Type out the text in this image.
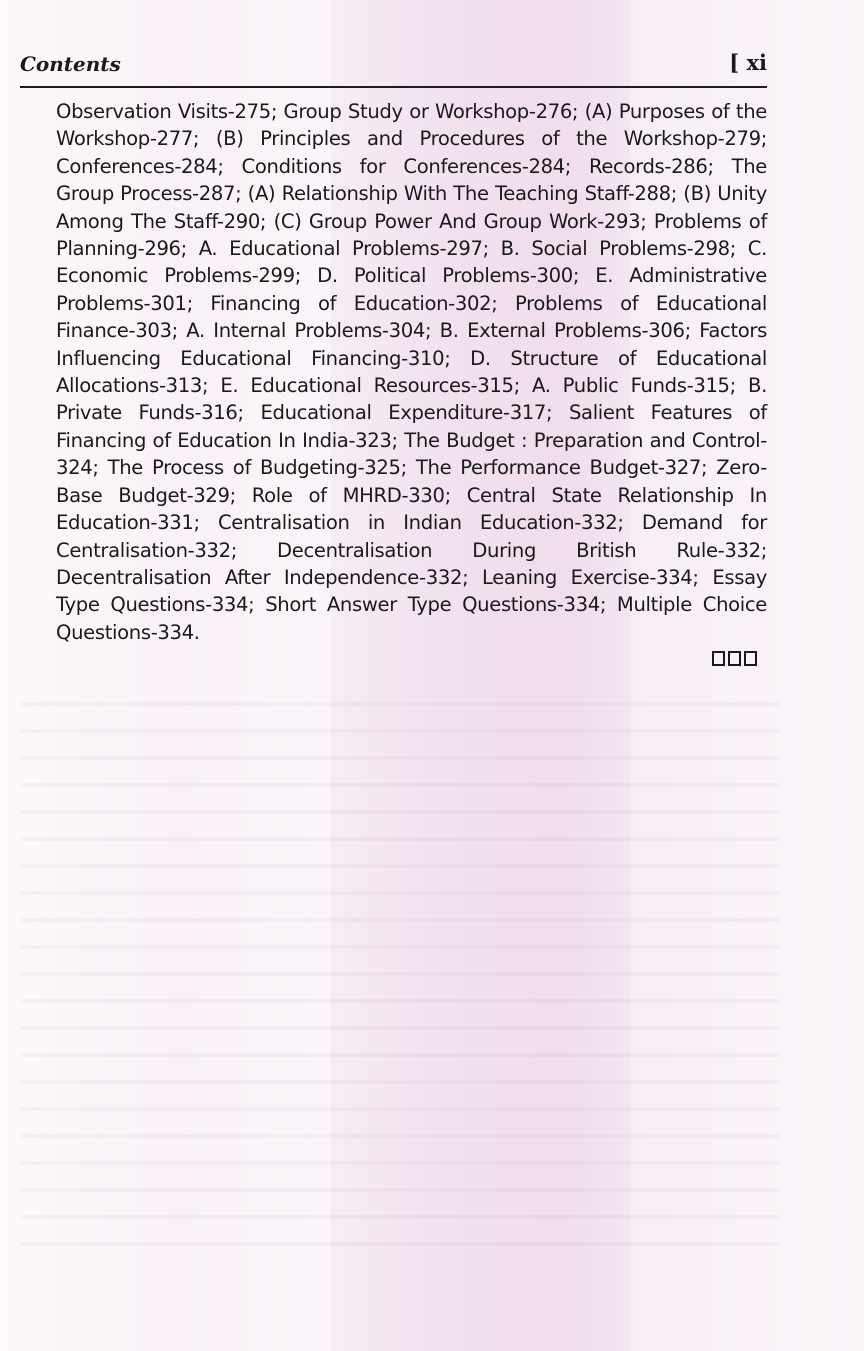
Contents	[ xi

Observation Visits-275; Group Study or Workshop-276; (A) Purposes of the Workshop-277; (B) Principles and Procedures of the Workshop-279; Conferences-284; Conditions for Conferences-284; Records-286; The Group Process-287; (A) Relationship With The Teaching Staff-288; (B) Unity Among The Staff-290; (C) Group Power And Group Work-293; Problems of Planning-296; A. Educational Problems-297; B. Social Problems-298; C. Economic Problems-299; D. Political Problems-300; E. Administrative Problems-301; Financing of Education-302; Problems of Educational Finance-303; A. Internal Problems-304; B. External Problems-306; Factors Influencing Educational Financing-310; D. Structure of Educational Allocations-313; E. Educational Resources-315; A. Public Funds-315; B. Private Funds-316; Educational Expenditure-317; Salient Features of Financing of Education In India-323; The Budget : Preparation and Control-324; The Process of Budgeting-325; The Performance Budget-327; Zero-Base Budget-329; Role of MHRD-330; Central State Relationship In Education-331; Centralisation in Indian Education-332; Demand for Centralisation-332; Decentralisation During British Rule-332; Decentralisation After Independence-332; Leaning Exercise-334; Essay Type Questions-334; Short Answer Type Questions-334; Multiple Choice Questions-334.
